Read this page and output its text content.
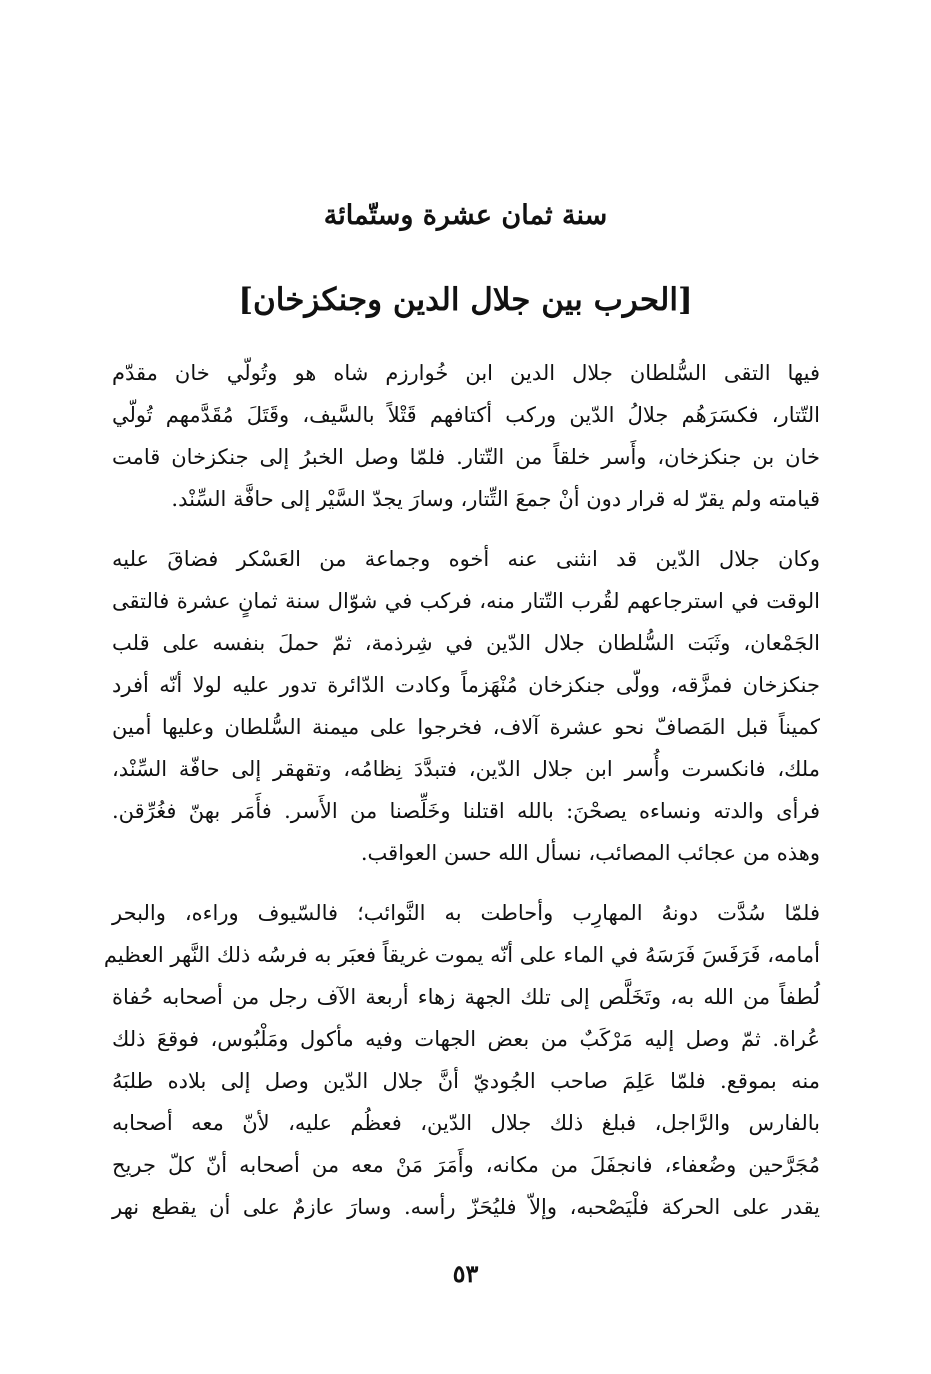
سنة ثمان عشرة وستّمائة
[الحرب بين جلال الدين وجنكزخان]
فيها التقى السُّلطان جلال الدين ابن خُوارزم شاه هو وتُولّي خان مقدّم
التّتار، فكسَرَهُم جلالُ الدّين وركب أكتافهم قَتْلاً بالسَّيف، وقَتَلَ مُقَدَّمهم تُولّي
خان بن جنكزخان، وأَسر خلقاً من التّتار. فلمّا وصل الخبرُ إلى جنكزخان قامت
قيامته ولم يقرّ له قرار دون أنْ جمعَ التِّتار، وسارَ يجدّ السَّيْر إلى حافَّة السِّنْد.
وكان جلال الدّين قد انثنى عنه أخوه وجماعة من العَسْكر فضاقَ عليه
الوقت في استرجاعهم لقُرب التّتار منه، فركب في شوّال سنة ثمانٍ عشرة فالتقى
الجَمْعان، وثَبَت السُّلطان جلال الدّين في شِرذمة، ثمّ حملَ بنفسه على قلب
جنكزخان فمزَّقه، وولّى جنكزخان مُنْهَزماً وكادت الدّائرة تدور عليه لولا أنّه أفرد
كميناً قبل المَصافّ نحو عشرة آلاف، فخرجوا على ميمنة السُّلطان وعليها أمين
ملك، فانكسرت وأُسر ابن جلال الدّين، فتبدَّدَ نِظامُه، وتقهقر إلى حافّة السِّنْد،
فرأى والدته ونساءه يصحْنَ: بالله اقتلنا وخَلِّصنا من الأَسر. فأَمَر بهنّ فغُرِّقن.
وهذه من عجائب المصائب، نسأل الله حسن العواقب.
فلمّا سُدَّت دونهُ المهارِب وأحاطت به النَّوائب؛ فالسّيوف وراءه، والبحر
أمامه، فَرَفَسَ فَرَسَهُ في الماء على أنّه يموت غريقاً فعبَر به فرسُه ذلك النَّهر العظيم
لُطفاً من الله به، وتَخَلَّص إلى تلك الجهة زهاء أربعة الآف رجل من أصحابه حُفاة
عُراة. ثمّ وصل إليه مَرْكَبٌ من بعض الجهات وفيه مأكول ومَلْبُوس، فوقعَ ذلك
منه بموقع. فلمّا عَلِمَ صاحب الجُوديّ أنَّ جلال الدّين وصل إلى بلاده طلبَهُ
بالفارس والرَّاجل، فبلغ ذلك جلال الدّين، فعظُم عليه، لأنّ معه أصحابه
مُجَرَّحين وضُعفاء، فانجفَلَ من مكانه، وأَمَرَ مَنْ معه من أصحابه أنّ كلّ جريح
يقدر على الحركة فلْيَصْحبه، وإلاّ فليُحَزّ رأسه. وسارَ عازمٌ على أن يقطع نهر
٥٣
